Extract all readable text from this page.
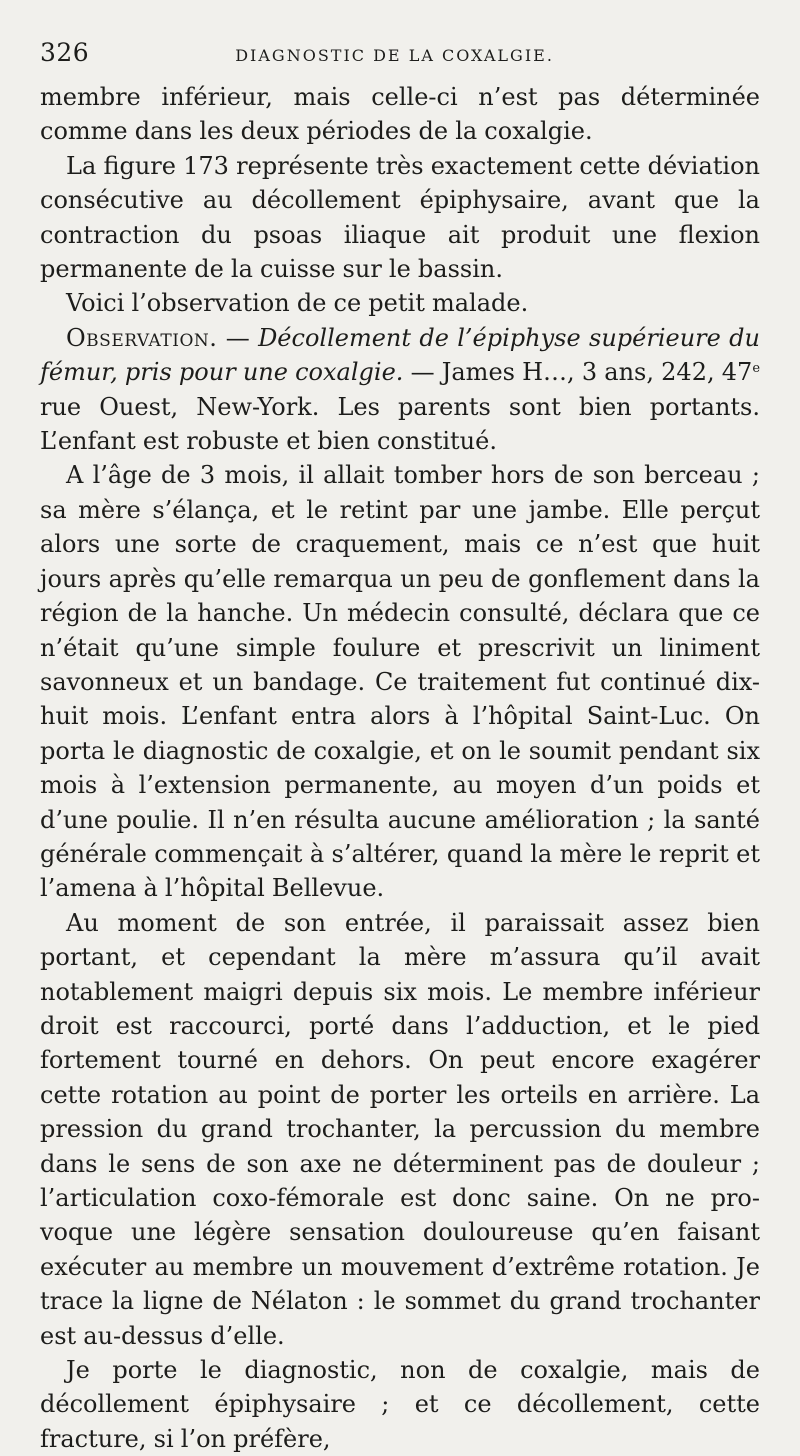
326	DIAGNOSTIC DE LA COXALGIE.

membre inférieur, mais celle-ci n’est pas déterminée comme dans les deux périodes de la coxalgie.

La figure 173 représente très exactement cette déviation consécutive au décollement épiphysaire, avant que la contraction du psoas iliaque ait produit une flexion permanente de la cuisse sur le bassin.

Voici l’observation de ce petit malade.

Observation. — Décollement de l’épiphyse supérieure du fémur, pris pour une coxalgie. — James H…, 3 ans, 242, 47e rue Ouest, New-York. Les parents sont bien portants. L’enfant est robuste et bien constitué.

A l’âge de 3 mois, il allait tomber hors de son berceau ; sa mère s’élança, et le retint par une jambe. Elle perçut alors une sorte de craquement, mais ce n’est que huit jours après qu’elle remarqua un peu de gonflement dans la région de la hanche. Un médecin consulté, déclara que ce n’était qu’une simple foulure et prescrivit un liniment savonneux et un bandage. Ce traitement fut continué dix-huit mois. L’enfant entra alors à l’hôpital Saint-Luc. On porta le diagnostic de coxalgie, et on le soumit pendant six mois à l’extension permanente, au moyen d’un poids et d’une poulie. Il n’en résulta aucune amélioration ; la santé générale commençait à s’altérer, quand la mère le reprit et l’amena à l’hôpital Bellevue.

Au moment de son entrée, il paraissait assez bien portant, et cependant la mère m’assura qu’il avait notablement maigri depuis six mois. Le membre inférieur droit est raccourci, porté dans l’adduction, et le pied fortement tourné en dehors. On peut encore exagérer cette rotation au point de porter les orteils en arrière. La pression du grand trochanter, la percussion du membre dans le sens de son axe ne déterminent pas de douleur ; l’articulation coxo-fémorale est donc saine. On ne provoque une légère sensation douloureuse qu’en faisant exécuter au membre un mouvement d’extrême rotation. Je trace la ligne de Nélaton : le sommet du grand trochanter est au-dessus d’elle.

Je porte le diagnostic, non de coxalgie, mais de décollement épiphysaire ; et ce décollement, cette fracture, si l’on préfère,
